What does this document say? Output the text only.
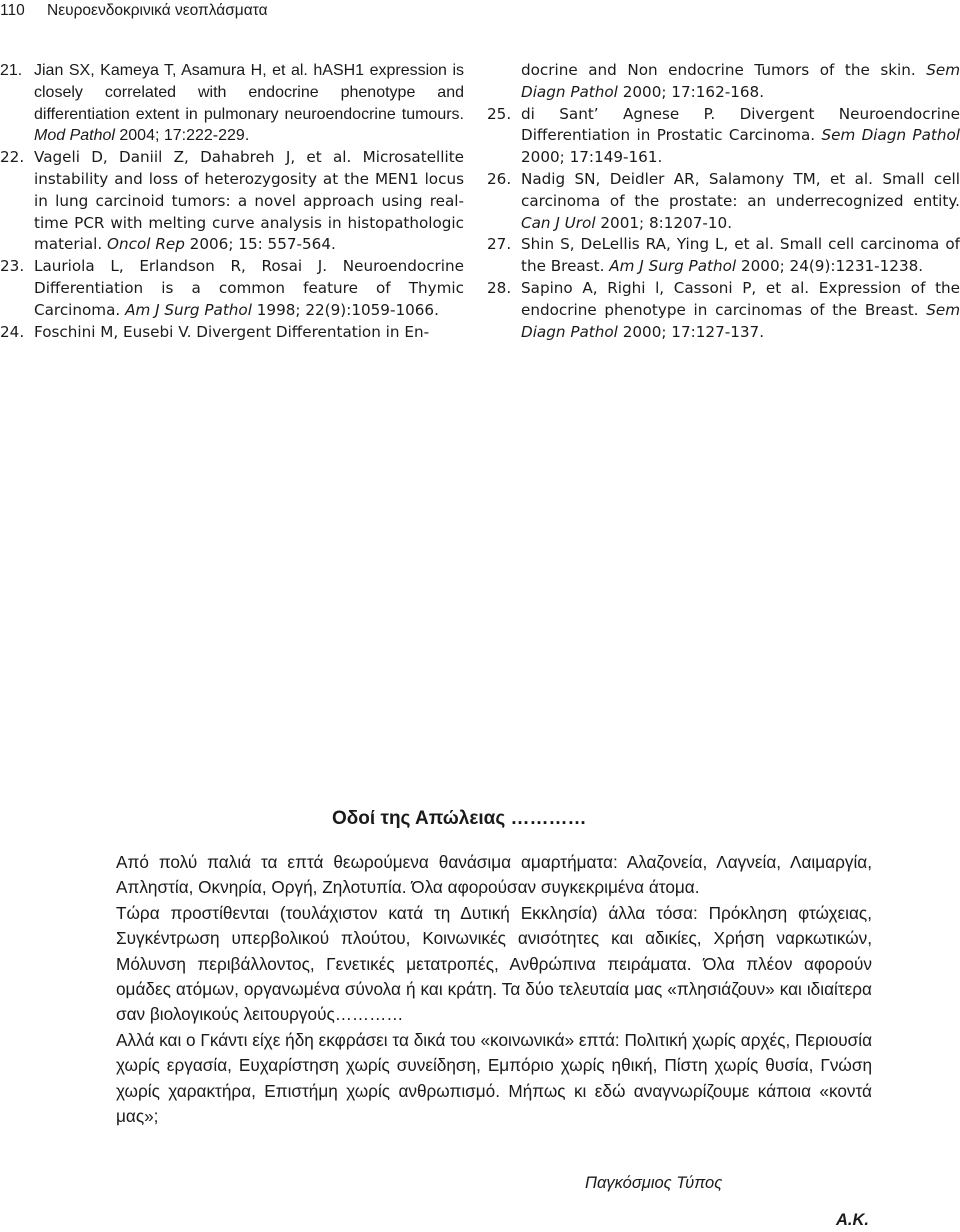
110 Νευροενδοκρινικά νεοπλάσματα

21. Jian SX, Kameya T, Asamura H, et al. hASH1 expression is closely correlated with endocrine phenotype and differentiation extent in pulmonary neuroendocrine tumours. Mod Pathol 2004; 17:222-229.

22. Vageli D, Daniil Z, Dahabreh J, et al. Microsatellite instability and loss of heterozygosity at the MEN1 locus in lung carcinoid tumors: a novel approach using real-time PCR with melting curve analysis in histopathologic material. Oncol Rep 2006; 15: 557-564.

23. Lauriola L, Erlandson R, Rosai J. Neuroendocrine Differentiation is a common feature of Thymic Carcinoma. Am J Surg Pathol 1998; 22(9):1059-1066.

24. Foschini M, Eusebi V. Divergent Differentation in En-

docrine and Non endocrine Tumors of the skin. Sem Diagn Pathol 2000; 17:162-168.

25. di Sant’ Agnese P. Divergent Neuroendocrine Differentiation in Prostatic Carcinoma. Sem Diagn Pathol 2000; 17:149-161.

26. Nadig SN, Deidler AR, Salamony TM, et al. Small cell carcinoma of the prostate: an underrecognized entity. Can J Urol 2001; 8:1207-10.

27. Shin S, DeLellis RA, Ying L, et al. Small cell carcinoma of the Breast. Am J Surg Pathol 2000; 24(9):1231-1238.

28. Sapino A, Righi l, Cassoni P, et al. Expression of the endocrine phenotype in carcinomas of the Breast. Sem Diagn Pathol 2000; 17:127-137.

Οδοί της Απώλειας …………

Από πολύ παλιά τα επτά θεωρούμενα θανάσιμα αμαρτήματα: Αλαζονεία, Λαγνεία, Λαιμαργία, Απληστία, Οκνηρία, Οργή, Ζηλοτυπία. Όλα αφορούσαν συγκεκριμένα άτομα.

Τώρα προστίθενται (τουλάχιστον κατά τη Δυτική Εκκλησία) άλλα τόσα: Πρόκληση φτώχειας, Συγκέντρωση υπερβολικού πλούτου, Κοινωνικές ανισότητες και αδικίες, Χρήση ναρκωτικών, Μόλυνση περιβάλλοντος, Γενετικές μετατροπές, Ανθρώπινα πειράματα. Όλα πλέον αφορούν ομάδες ατόμων, οργανωμένα σύνολα ή και κράτη. Τα δύο τελευταία μας «πλησιάζουν» και ιδιαίτερα σαν βιολογικούς λειτουργούς…………

Αλλά και ο Γκάντι είχε ήδη εκφράσει τα δικά του «κοινωνικά» επτά: Πολιτική χωρίς αρχές, Περιουσία χωρίς εργασία, Ευχαρίστηση χωρίς συνείδηση, Εμπόριο χωρίς ηθική, Πίστη χωρίς θυσία, Γνώση χωρίς χαρακτήρα, Επιστήμη χωρίς ανθρωπισμό. Μήπως κι εδώ αναγνωρίζουμε κάποια «κοντά μας»;

Παγκόσμιος Τύπος
Α.Κ.
